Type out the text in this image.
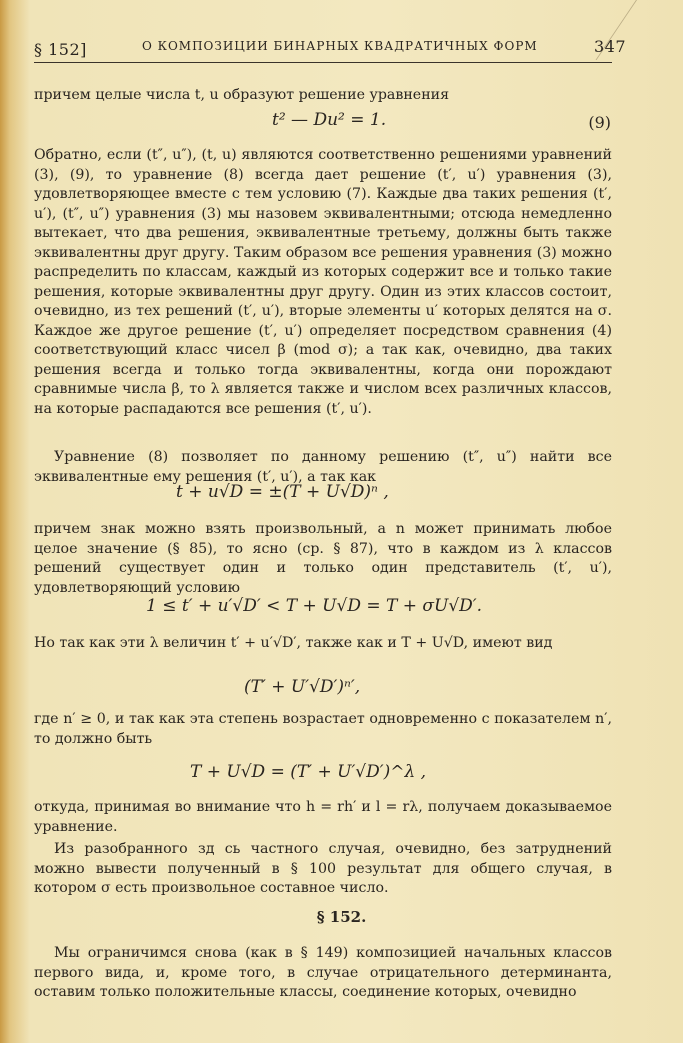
§ 152]	О КОМПОЗИЦИИ БИНАРНЫХ КВАДРАТИЧНЫХ ФОРМ	347
причем целые числа t, u образуют решение уравнения
t² — Du² = 1.	(9)
Обратно, если (t″, u″), (t, u) являются соответственно решениями уравнений (3), (9), то уравнение (8) всегда дает решение (t′, u′) уравнения (3), удовлетворяющее вместе с тем условию (7). Каждые два таких решения (t′, u′), (t″, u″) уравнения (3) мы назовем эквивалентными; отсюда немедленно вытекает, что два решения, эквивалентные третьему, должны быть также эквивалентны друг другу. Таким образом все решения уравнения (3) можно распределить по классам, каждый из которых содержит все и только такие решения, которые эквивалентны друг другу. Один из этих классов состоит, очевидно, из тех решений (t′, u′), вторые элементы u′ которых делятся на σ. Каждое же другое решение (t′, u′) определяет посредством сравнения (4) соответствующий класс чисел β (mod σ); а так как, очевидно, два таких решения всегда и только тогда эквивалентны, когда они порождают сравнимые числа β, то λ является также и числом всех различных классов, на которые распадаются все решения (t′, u′).
Уравнение (8) позволяет по данному решению (t″, u″) найти все эквивалентные ему решения (t′, u′), а так как
t + u√D = ±(T + U√D)ⁿ ,
причем знак можно взять произвольный, а n может принимать любое целое значение (§ 85), то ясно (ср. § 87), что в каждом из λ классов решений существует один и только один представитель (t′, u′), удовлетворяющий условию
1 ≤ t′ + u′√D′ < T + U√D = T + σU√D′.
Но так как эти λ величин t′ + u′√D′, также как и T + U√D, имеют вид
(T′ + U′√D′)ⁿ′,
где n′ ≥ 0, и так как эта степень возрастает одновременно с показателем n′, то должно быть
T + U√D = (T′ + U′√D′)^λ ,
откуда, принимая во внимание что h = rh′ и l = rλ, получаем доказываемое уравнение.
Из разобранного зд сь частного случая, очевидно, без затруднений можно вывести полученный в § 100 результат для общего случая, в котором σ есть произвольное составное число.
§ 152.
Мы ограничимся снова (как в § 149) композицией начальных классов первого вида, и, кроме того, в случае отрицательного детерминанта, оставим только положительные классы, соединение которых, очевидно
